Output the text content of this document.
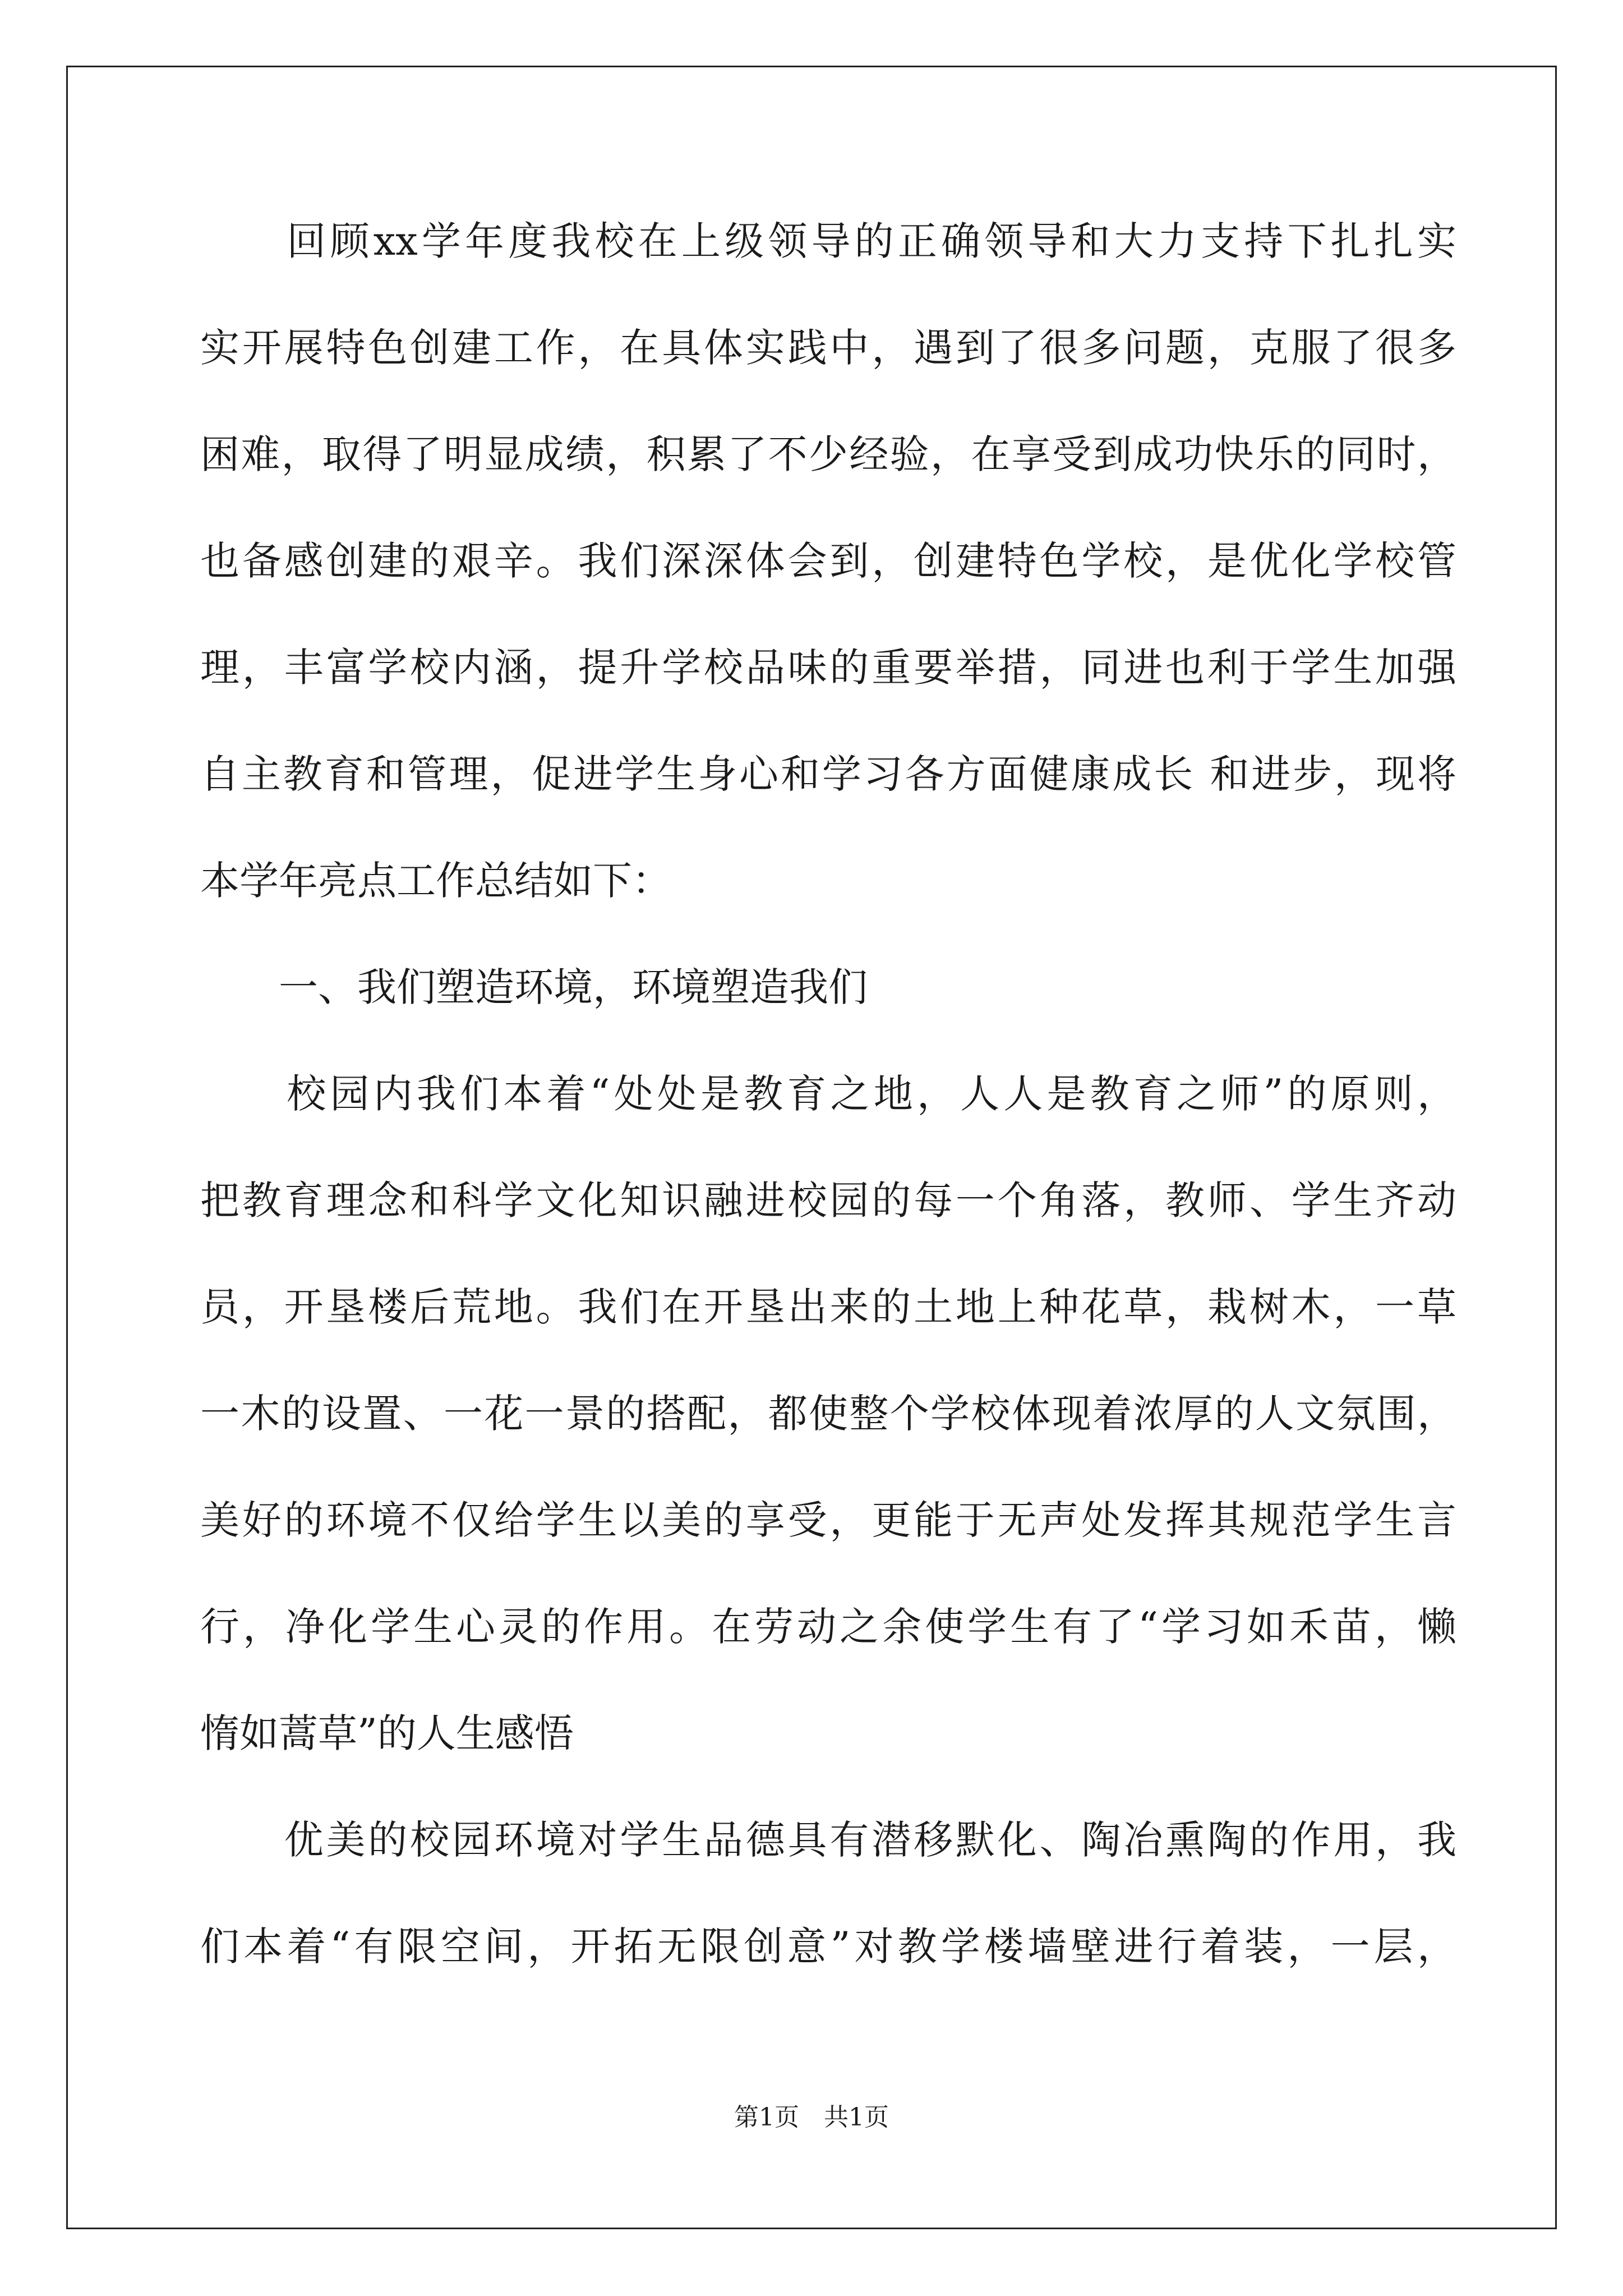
　　回顾xx学年度我校在上级领导的正确领导和大力支持下扎扎实
实开展特色创建工作，在具体实践中，遇到了很多问题，克服了很多
困难，取得了明显成绩，积累了不少经验，在享受到成功快乐的同时，
也备感创建的艰辛。我们深深体会到，创建特色学校，是优化学校管
理，丰富学校内涵，提升学校品味的重要举措，同进也利于学生加强
自主教育和管理，促进学生身心和学习各方面健康成长 和进步，现将
本学年亮点工作总结如下：
　　一、我们塑造环境，环境塑造我们
　　校园内我们本着“处处是教育之地，人人是教育之师”的原则，
把教育理念和科学文化知识融进校园的每一个角落，教师、学生齐动
员，开垦楼后荒地。我们在开垦出来的土地上种花草，栽树木，一草
一木的设置、一花一景的搭配，都使整个学校体现着浓厚的人文氛围，
美好的环境不仅给学生以美的享受，更能于无声处发挥其规范学生言
行，净化学生心灵的作用。在劳动之余使学生有了“学习如禾苗，懒
惰如蒿草”的人生感悟
　　优美的校园环境对学生品德具有潜移默化、陶冶熏陶的作用，我
们本着“有限空间，开拓无限创意”对教学楼墙壁进行着装，一层，
第1页　共1页
